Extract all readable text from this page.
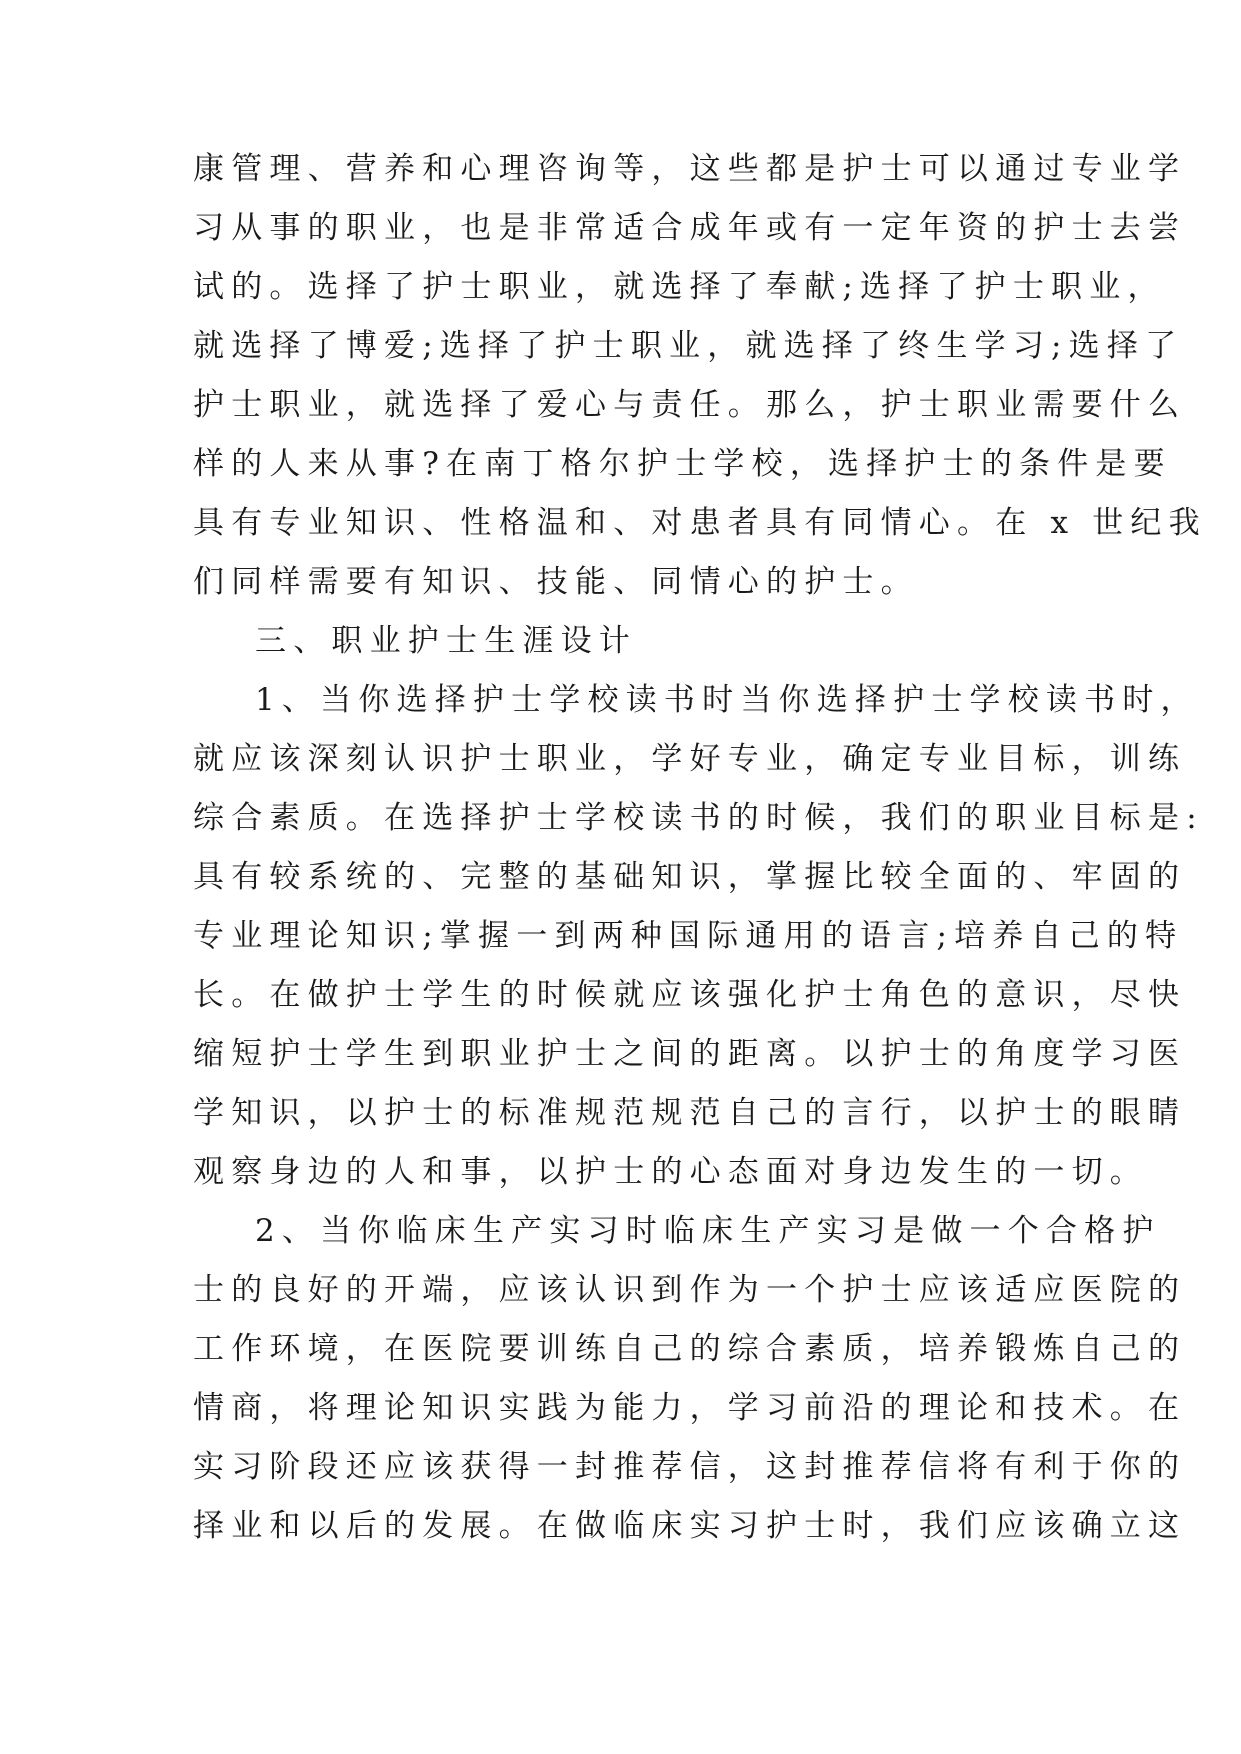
康管理、营养和心理咨询等，这些都是护士可以通过专业学
习从事的职业，也是非常适合成年或有一定年资的护士去尝
试的。选择了护士职业，就选择了奉献;选择了护士职业，
就选择了博爱;选择了护士职业，就选择了终生学习;选择了
护士职业，就选择了爱心与责任。那么，护士职业需要什么
样的人来从事?在南丁格尔护士学校，选择护士的条件是要
具有专业知识、性格温和、对患者具有同情心。在 x 世纪我
们同样需要有知识、技能、同情心的护士。
三、职业护士生涯设计
1、当你选择护士学校读书时当你选择护士学校读书时，
就应该深刻认识护士职业，学好专业，确定专业目标，训练
综合素质。在选择护士学校读书的时候，我们的职业目标是:
具有较系统的、完整的基础知识，掌握比较全面的、牢固的
专业理论知识;掌握一到两种国际通用的语言;培养自己的特
长。在做护士学生的时候就应该强化护士角色的意识，尽快
缩短护士学生到职业护士之间的距离。以护士的角度学习医
学知识，以护士的标准规范规范自己的言行，以护士的眼睛
观察身边的人和事，以护士的心态面对身边发生的一切。
2、当你临床生产实习时临床生产实习是做一个合格护
士的良好的开端，应该认识到作为一个护士应该适应医院的
工作环境，在医院要训练自己的综合素质，培养锻炼自己的
情商，将理论知识实践为能力，学习前沿的理论和技术。在
实习阶段还应该获得一封推荐信，这封推荐信将有利于你的
择业和以后的发展。在做临床实习护士时，我们应该确立这
